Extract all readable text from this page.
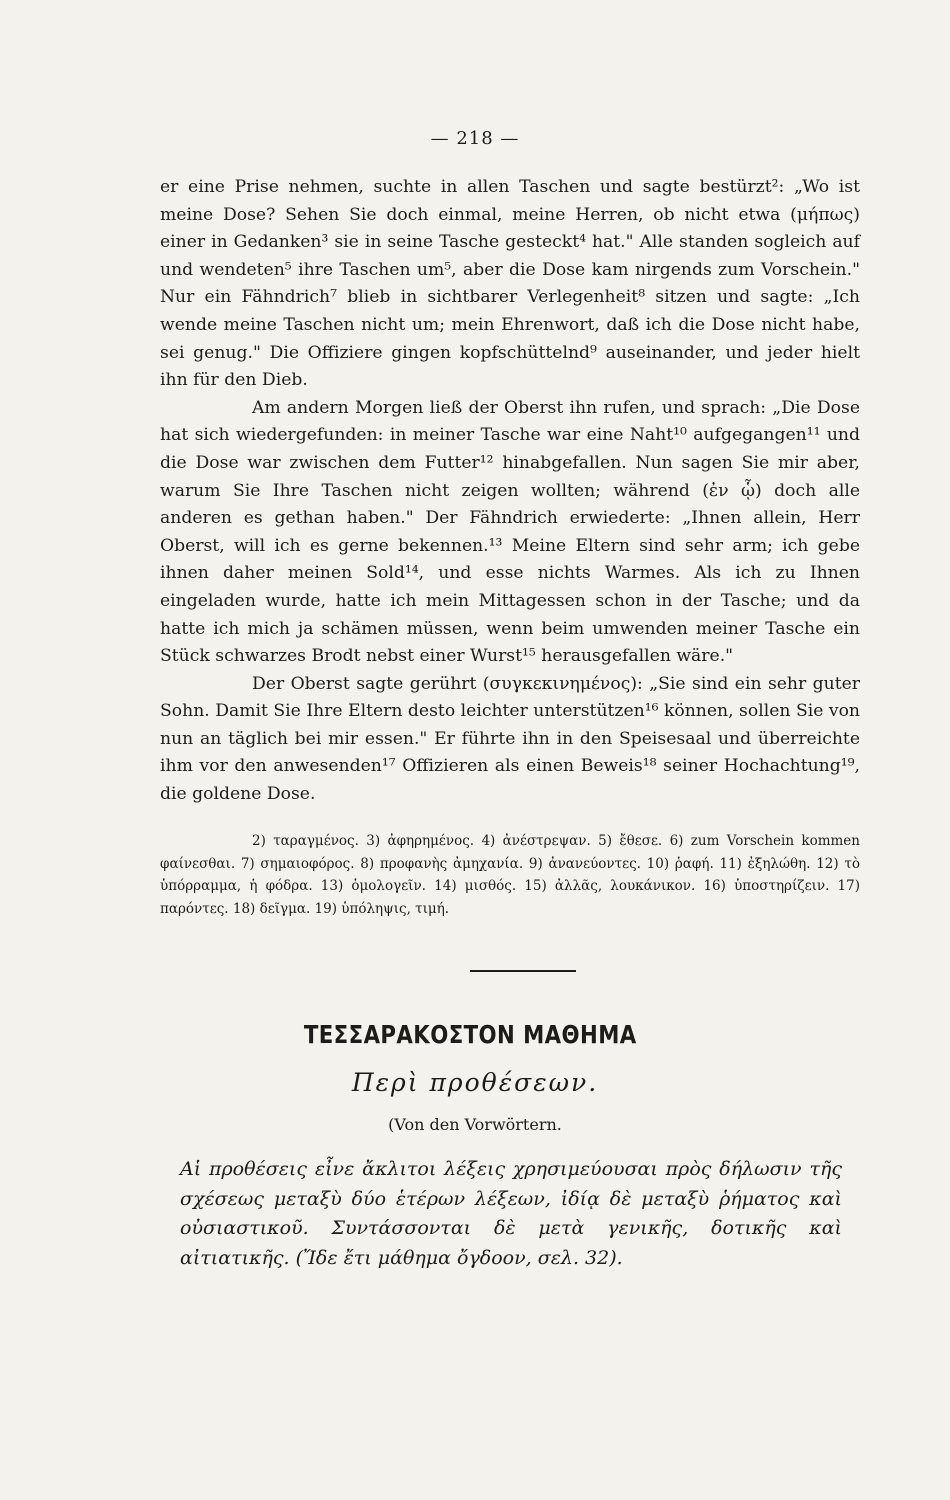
— 218 —

er eine Prise nehmen, suchte in allen Taschen und sagte bestürzt²: „Wo ist meine Dose? Sehen Sie doch einmal, meine Herren, ob nicht etwa (μήπως) einer in Gedanken³ sie in seine Tasche gesteckt⁴ hat." Alle standen sogleich auf und wendeten⁵ ihre Taschen um⁵, aber die Dose kam nirgends zum Vorschein." Nur ein Fähndrich⁷ blieb in sichtbarer Verlegenheit⁸ sitzen und sagte: „Ich wende meine Taschen nicht um; mein Ehrenwort, daß ich die Dose nicht habe, sei genug." Die Offiziere gingen kopfschüttelnd⁹ auseinander, und jeder hielt ihn für den Dieb.

Am andern Morgen ließ der Oberst ihn rufen, und sprach: „Die Dose hat sich wiedergefunden: in meiner Tasche war eine Naht¹⁰ aufgegangen¹¹ und die Dose war zwischen dem Futter¹² hinabgefallen. Nun sagen Sie mir aber, warum Sie Ihre Taschen nicht zeigen wollten; während (ἐν ᾧ) doch alle anderen es gethan haben." Der Fähndrich erwiederte: „Ihnen allein, Herr Oberst, will ich es gerne bekennen.¹³ Meine Eltern sind sehr arm; ich gebe ihnen daher meinen Sold¹⁴, und esse nichts Warmes. Als ich zu Ihnen eingeladen wurde, hatte ich mein Mittagessen schon in der Tasche; und da hatte ich mich ja schämen müssen, wenn beim umwenden meiner Tasche ein Stück schwarzes Brodt nebst einer Wurst¹⁵ herausgefallen wäre."

Der Oberst sagte gerührt (συγκεκινημένος): „Sie sind ein sehr guter Sohn. Damit Sie Ihre Eltern desto leichter unterstützen¹⁶ können, sollen Sie von nun an täglich bei mir essen." Er führte ihn in den Speisesaal und überreichte ihm vor den anwesenden¹⁷ Offizieren als einen Beweis¹⁸ seiner Hochachtung¹⁹, die goldene Dose.

2) ταραγμένος. 3) ἀφηρημένος. 4) ἀνέστρεψαν. 5) ἔθεσε. 6) zum Vorschein kommen φαίνεσθαι. 7) σημαιοφόρος. 8) προφανὴς ἀμηχανία. 9) ἀνανεύοντες. 10) ῥαφή. 11) ἐξηλώθη. 12) τὸ ὑπόρραμμα, ἡ φόδρα. 13) ὁμολογεῖν. 14) μισθός. 15) ἀλλᾶς, λουκάνικον. 16) ὑποστηρίζειν. 17) παρόντες. 18) δεῖγμα. 19) ὑπόληψις, τιμή.
ΤΕΣΣΑΡΑΚΟΣΤΟΝ ΜΑΘΗΜΑ
Περὶ προθέσεων.
(Von den Vorwörtern.
Αἱ προθέσεις εἶνε ἄκλιτοι λέξεις χρησιμεύουσαι πρὸς δήλωσιν τῆς σχέσεως μεταξὺ δύο ἑτέρων λέξεων, ἰδίᾳ δὲ μεταξὺ ῥήματος καὶ οὐσιαστικοῦ. Συντάσσονται δὲ μετὰ γενικῆς, δοτικῆς καὶ αἰτιατικῆς. (Ἴδε ἔτι μάθημα ὄγδοον, σελ. 32).
